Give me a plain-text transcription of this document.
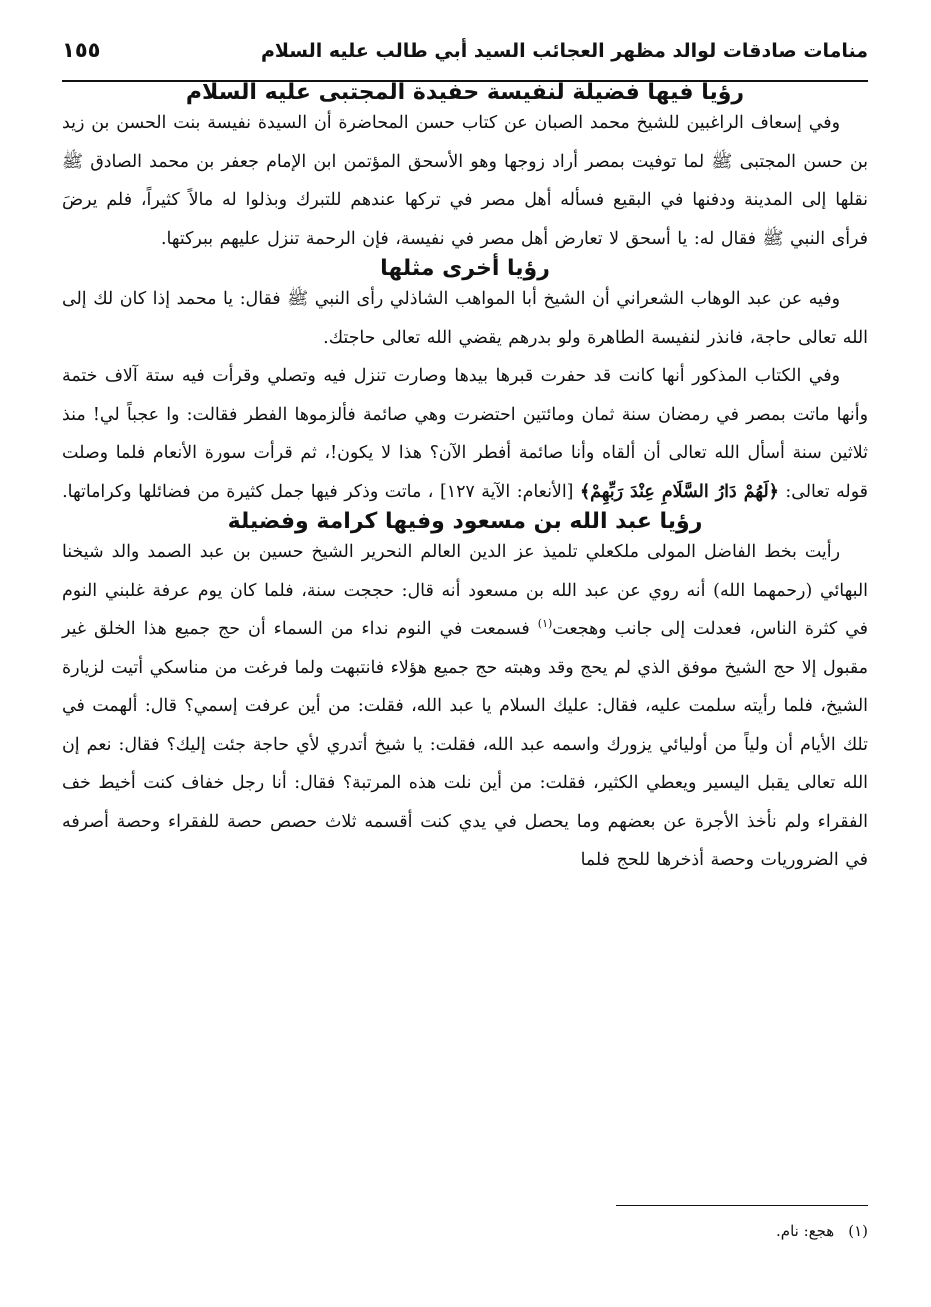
منامات صادقات لوالد مظهر العجائب السيد أبي طالب عليه السلام
١٥٥
رؤيا فيها فضيلة لنفيسة حفيدة المجتبى عليه السلام

وفي إسعاف الراغبين للشيخ محمد الصبان عن كتاب حسن المحاضرة أن السيدة نفيسة بنت الحسن بن زيد بن حسن المجتبى ﷺ لما توفيت بمصر أراد زوجها وهو الأسحق المؤتمن ابن الإمام جعفر بن محمد الصادق ﷺ نقلها إلى المدينة ودفنها في البقيع فسأله أهل مصر في تركها عندهم للتبرك وبذلوا له مالاً كثيراً، فلم يرضَ فرأى النبي ﷺ فقال له: يا أسحق لا تعارض أهل مصر في نفيسة، فإن الرحمة تنزل عليهم ببركتها.

رؤيا أخرى مثلها

وفيه عن عبد الوهاب الشعراني أن الشيخ أبا المواهب الشاذلي رأى النبي ﷺ فقال: يا محمد إذا كان لك إلى الله تعالى حاجة، فانذر لنفيسة الطاهرة ولو بدرهم يقضي الله تعالى حاجتك.

وفي الكتاب المذكور أنها كانت قد حفرت قبرها بيدها وصارت تنزل فيه وتصلي وقرأت فيه ستة آلاف ختمة وأنها ماتت بمصر في رمضان سنة ثمان ومائتين احتضرت وهي صائمة فألزموها الفطر فقالت: وا عجباً لي! منذ ثلاثين سنة أسأل الله تعالى أن ألقاه وأنا صائمة أفطر الآن؟ هذا لا يكون!، ثم قرأت سورة الأنعام فلما وصلت قوله تعالى: ﴿لَهُمْ دَارُ السَّلَامِ عِنْدَ رَبِّهِمْ﴾ [الأنعام: الآية ١٢٧] ، ماتت وذكر فيها جمل كثيرة من فضائلها وكراماتها.

رؤيا عبد الله بن مسعود وفيها كرامة وفضيلة

رأيت بخط الفاضل المولى ملكعلي تلميذ عز الدين العالم النحرير الشيخ حسين بن عبد الصمد والد شيخنا البهائي (رحمهما الله) أنه روي عن عبد الله بن مسعود أنه قال: حججت سنة، فلما كان يوم عرفة غلبني النوم في كثرة الناس، فعدلت إلى جانب وهجعت$^{(١)}$ فسمعت في النوم نداء من السماء أن حج جميع هذا الخلق غير مقبول إلا حج الشيخ موفق الذي لم يحج وقد وهبته حج جميع هؤلاء فانتبهت ولما فرغت من مناسكي أتيت لزيارة الشيخ، فلما رأيته سلمت عليه، فقال: عليك السلام يا عبد الله، فقلت: من أين عرفت إسمي؟ قال: ألهمت في تلك الأيام أن ولياً من أوليائي يزورك واسمه عبد الله، فقلت: يا شيخ أتدري لأي حاجة جئت إليك؟ فقال: نعم إن الله تعالى يقبل اليسير ويعطي الكثير، فقلت: من أين نلت هذه المرتبة؟ فقال: أنا رجل خفاف كنت أخيط خف الفقراء ولم نأخذ الأجرة عن بعضهم وما يحصل في يدي كنت أقسمه ثلاث حصص حصة للفقراء وحصة أصرفه في الضروريات وحصة أذخرها للحج فلما

(١)هجع: نام.
